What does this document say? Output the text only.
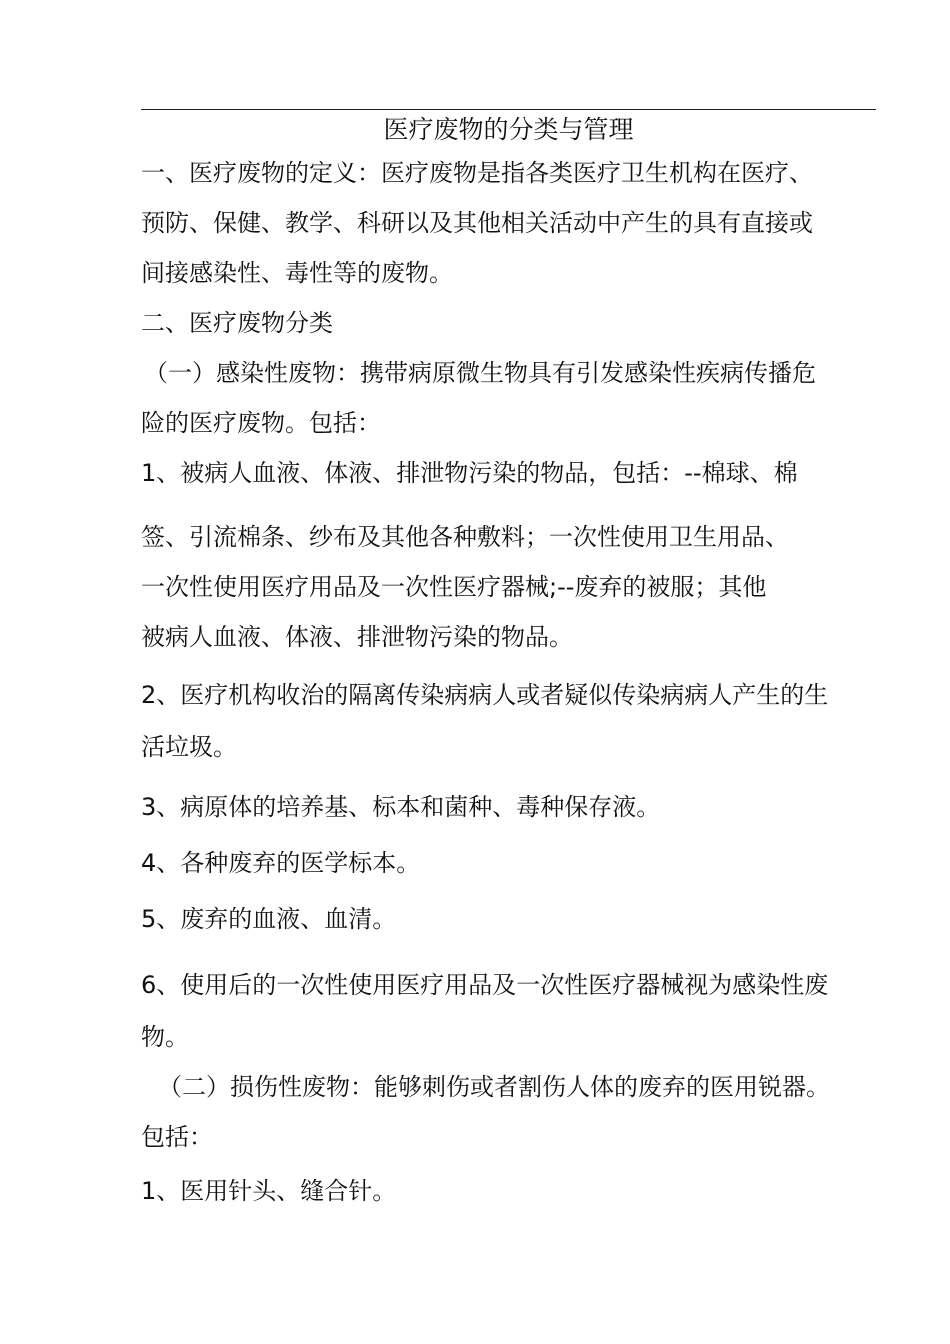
医疗废物的分类与管理
一、医疗废物的定义：医疗废物是指各类医疗卫生机构在医疗、
预防、保健、教学、科研以及其他相关活动中产生的具有直接或
间接感染性、毒性等的废物。
二、医疗废物分类
（一）感染性废物：携带病原微生物具有引发感染性疾病传播危
险的医疗废物。包括：
1、被病人血液、体液、排泄物污染的物品，包括：--棉球、棉
签、引流棉条、纱布及其他各种敷料；一次性使用卫生用品、
一次性使用医疗用品及一次性医疗器械;--废弃的被服；其他
被病人血液、体液、排泄物污染的物品。
2、医疗机构收治的隔离传染病病人或者疑似传染病病人产生的生
活垃圾。
3、病原体的培养基、标本和菌种、毒种保存液。
4、各种废弃的医学标本。
5、废弃的血液、血清。
6、使用后的一次性使用医疗用品及一次性医疗器械视为感染性废
物。
（二）损伤性废物：能够刺伤或者割伤人体的废弃的医用锐器。
包括：
1、医用针头、缝合针。
